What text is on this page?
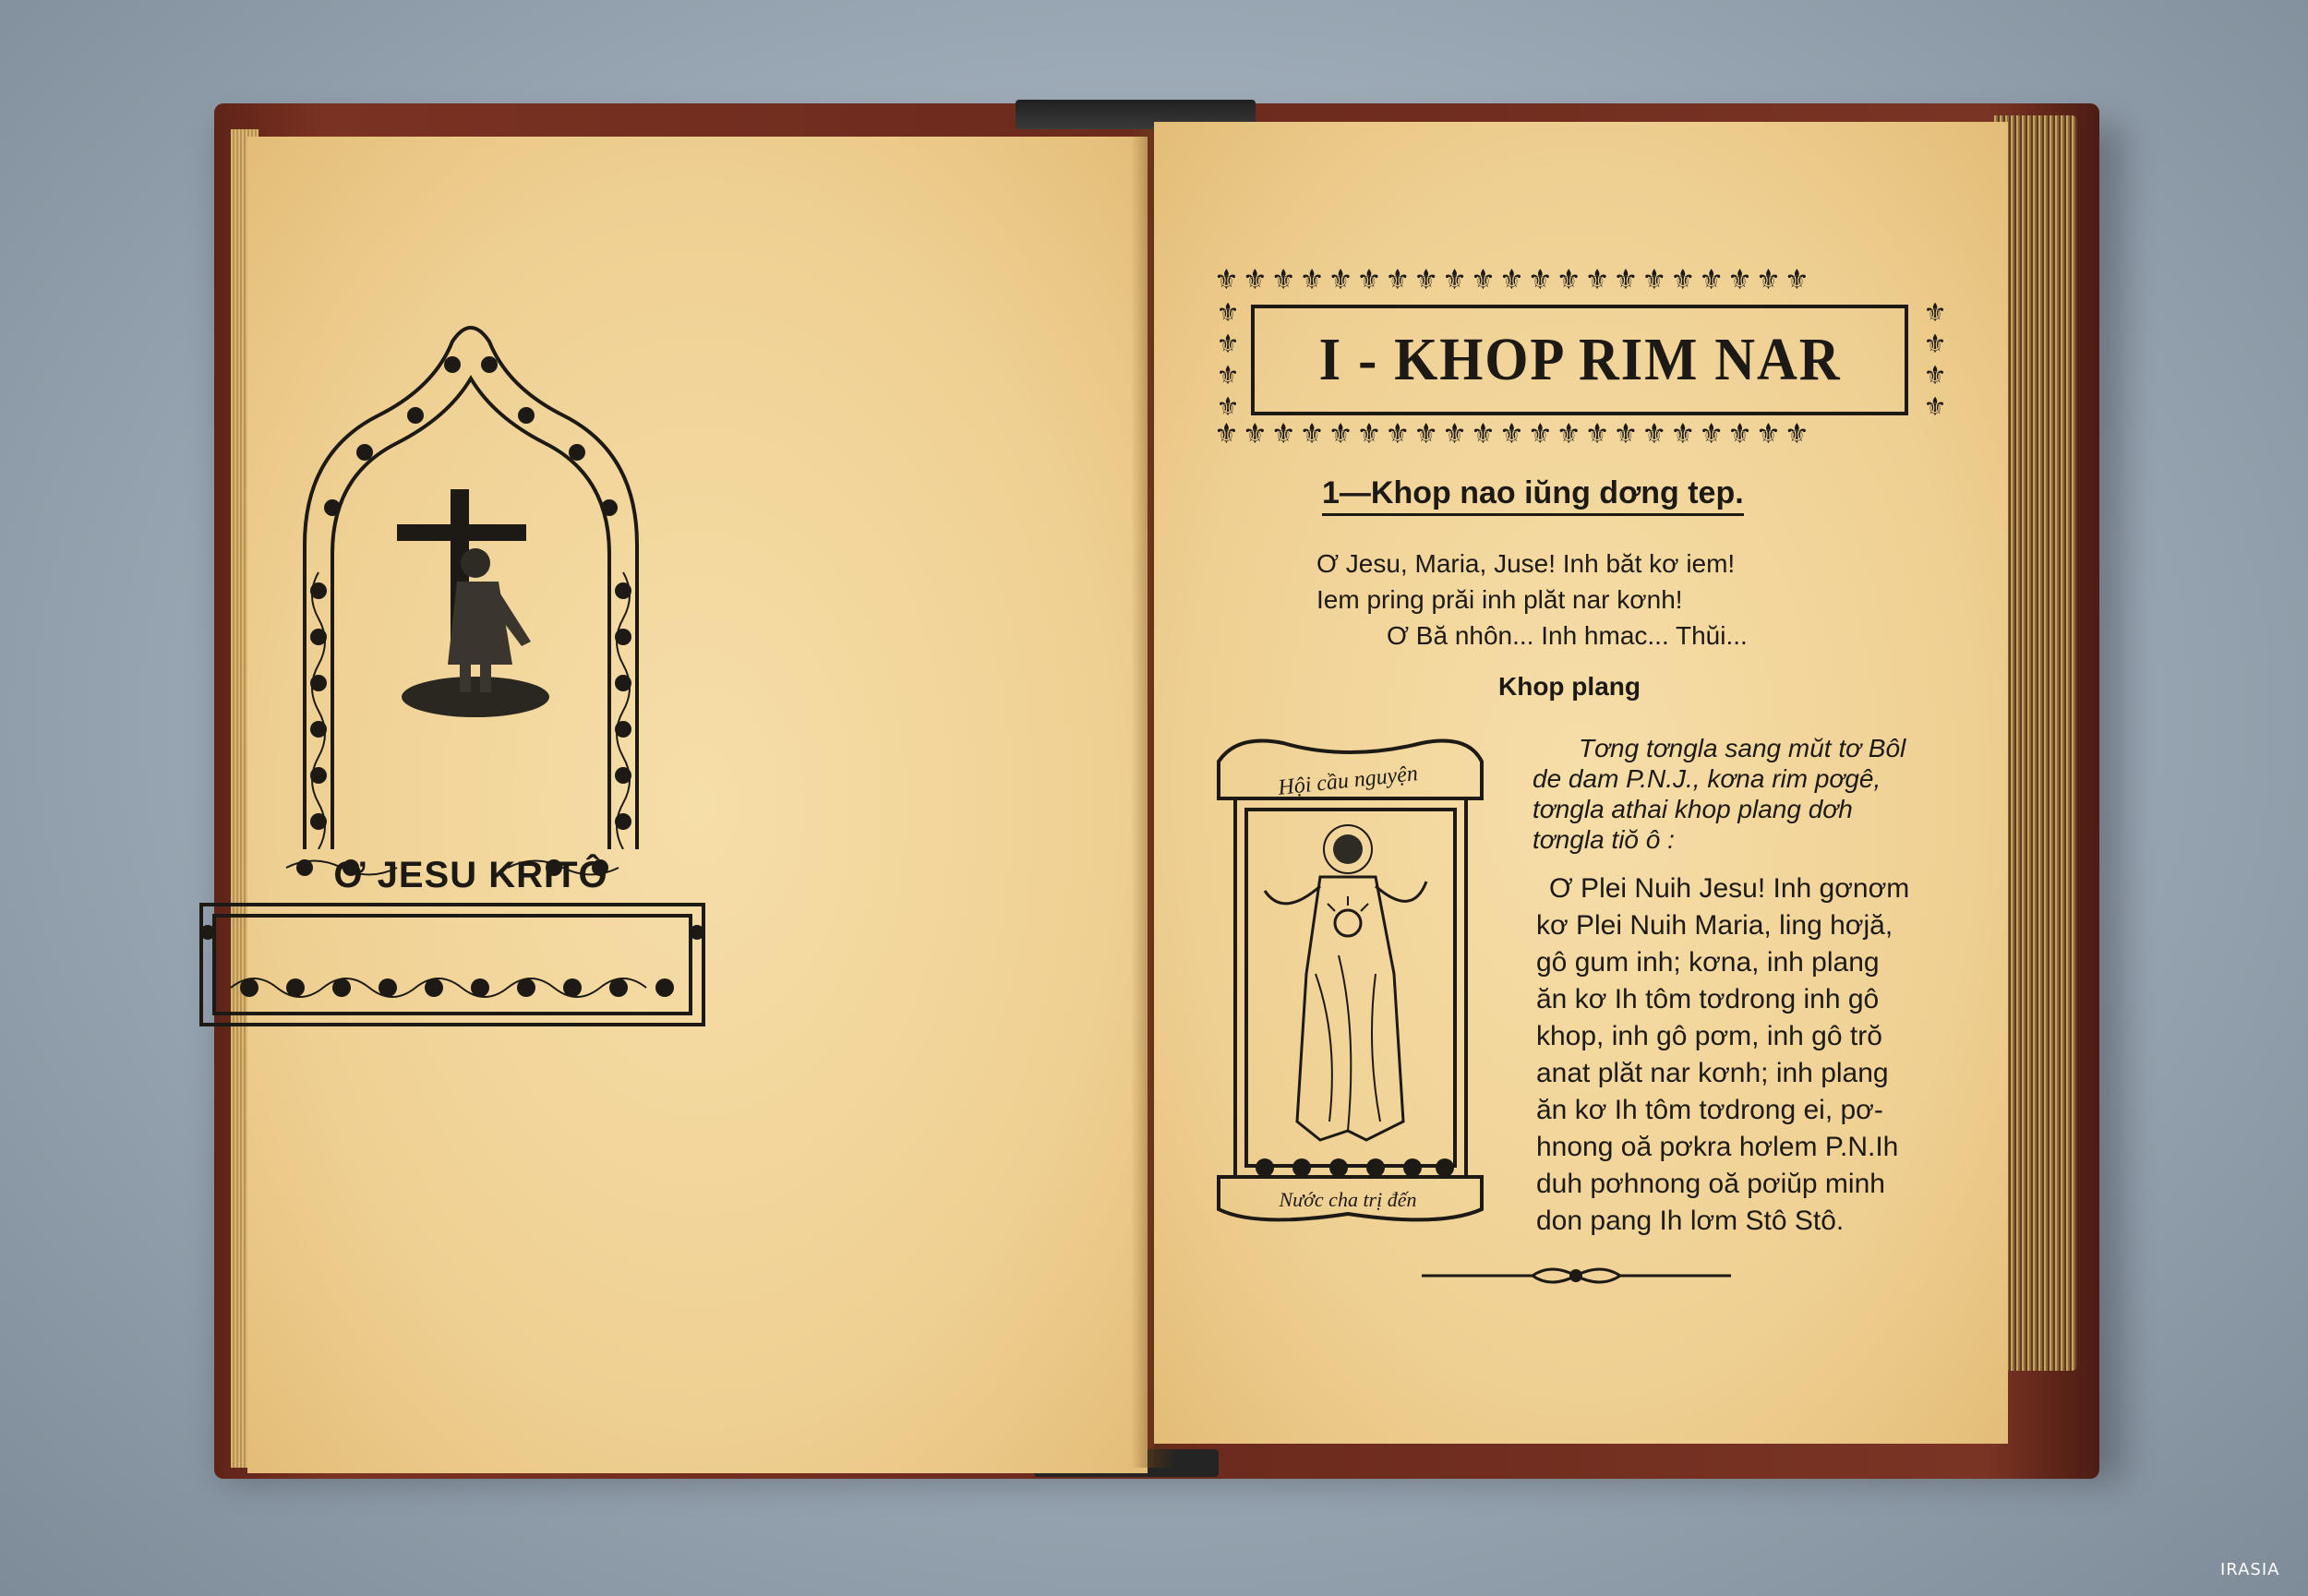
Ơ JESU KRITÔ
⚜⚜⚜⚜⚜⚜⚜⚜⚜⚜⚜⚜⚜⚜⚜⚜⚜⚜⚜⚜⚜
⚜⚜⚜⚜⚜⚜⚜⚜⚜⚜⚜⚜⚜⚜⚜⚜⚜⚜⚜⚜⚜
⚜
⚜
⚜
⚜
⚜
⚜
⚜
⚜
I - KHOP RIM NAR
1—Khop nao iŭng dơng tep.
Ơ Jesu, Maria, Juse! Inh băt kơ iem!
Iem pring prăi inh plăt nar kơnh!
Ơ Bă nhôn... Inh hmac... Thŭi...
Khop plang
Tơng tơngla sang mŭt tơ Bôl
de dam P.N.J., kơna rim pơgê,
tơngla athai khop plang dơh
tơngla tiŏ ô :
Ơ Plei Nuih Jesu! Inh gơnơm
kơ Plei Nuih Maria, ling hơjă,
gô gum inh; kơna, inh plang
ăn kơ Ih tôm tơdrong inh gô
khop, inh gô pơm, inh gô trŏ
anat plăt nar kơnh; inh plang
ăn kơ Ih tôm tơdrong ei, pơ-
hnong oă pơkra hơlem P.N.Ih
duh pơhnong oă pơiŭp minh
don pang Ih lơm Stô Stô.
Hội cầu nguyện
Nước cha trị đến
IRASIA
